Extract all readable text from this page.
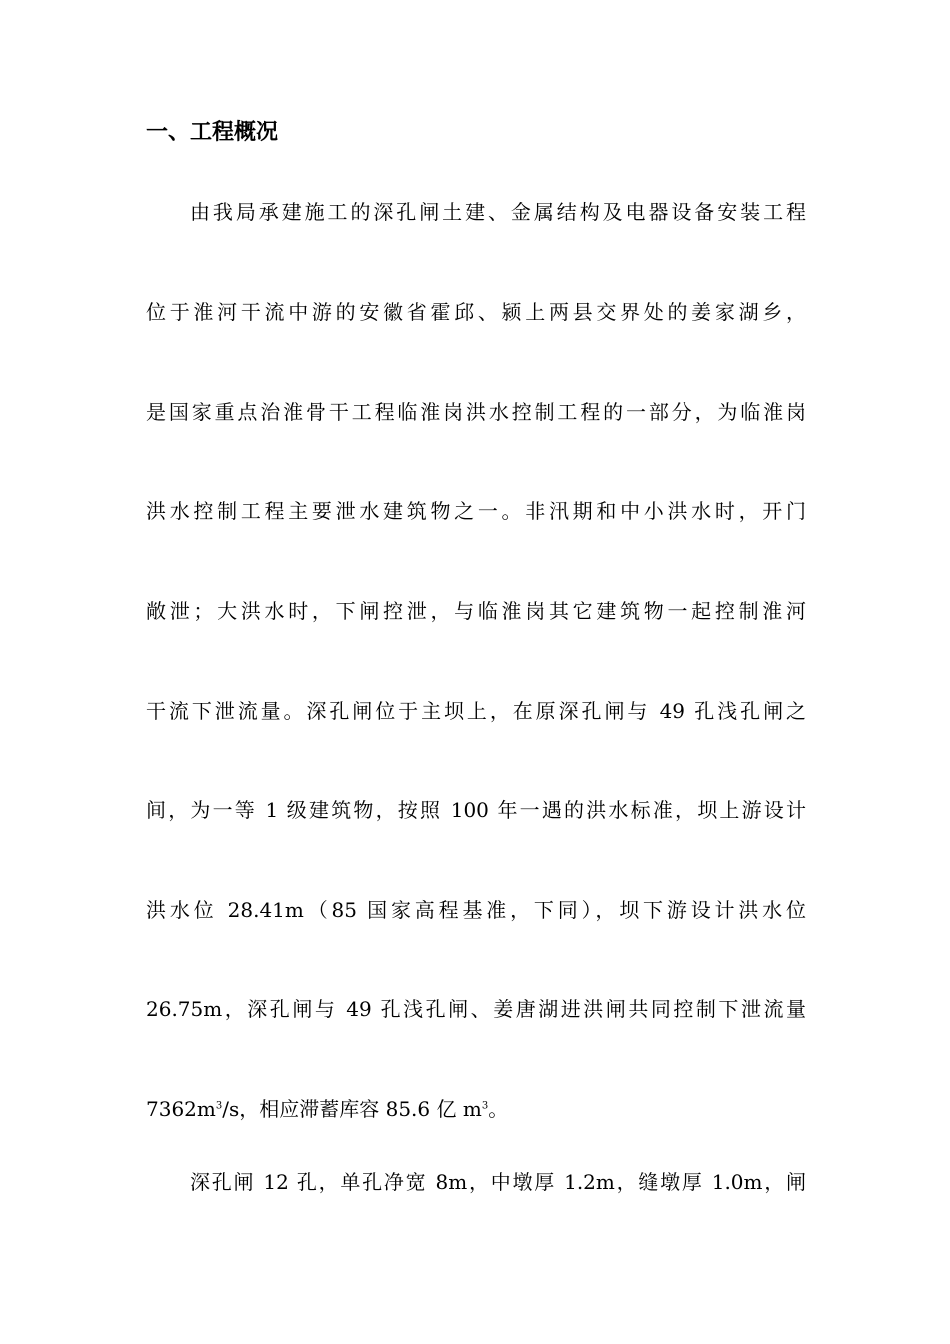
一、工程概况
由我局承建施工的深孔闸土建、金属结构及电器设备安装工程
位于淮河干流中游的安徽省霍邱、颍上两县交界处的姜家湖乡，
是国家重点治淮骨干工程临淮岗洪水控制工程的一部分，为临淮岗
洪水控制工程主要泄水建筑物之一。非汛期和中小洪水时，开门
敞泄；大洪水时，下闸控泄，与临淮岗其它建筑物一起控制淮河
干流下泄流量。深孔闸位于主坝上，在原深孔闸与 49 孔浅孔闸之
间，为一等 1 级建筑物，按照 100 年一遇的洪水标准，坝上游设计
洪水位 28.41m（85 国家高程基准，下同），坝下游设计洪水位
26.75m，深孔闸与 49 孔浅孔闸、姜唐湖进洪闸共同控制下泄流量
$7362m^3/s$，相应滞蓄库容 85.6 亿 $m^3$。
深孔闸 12 孔，单孔净宽 8m，中墩厚 1.2m，缝墩厚 1.0m，闸
